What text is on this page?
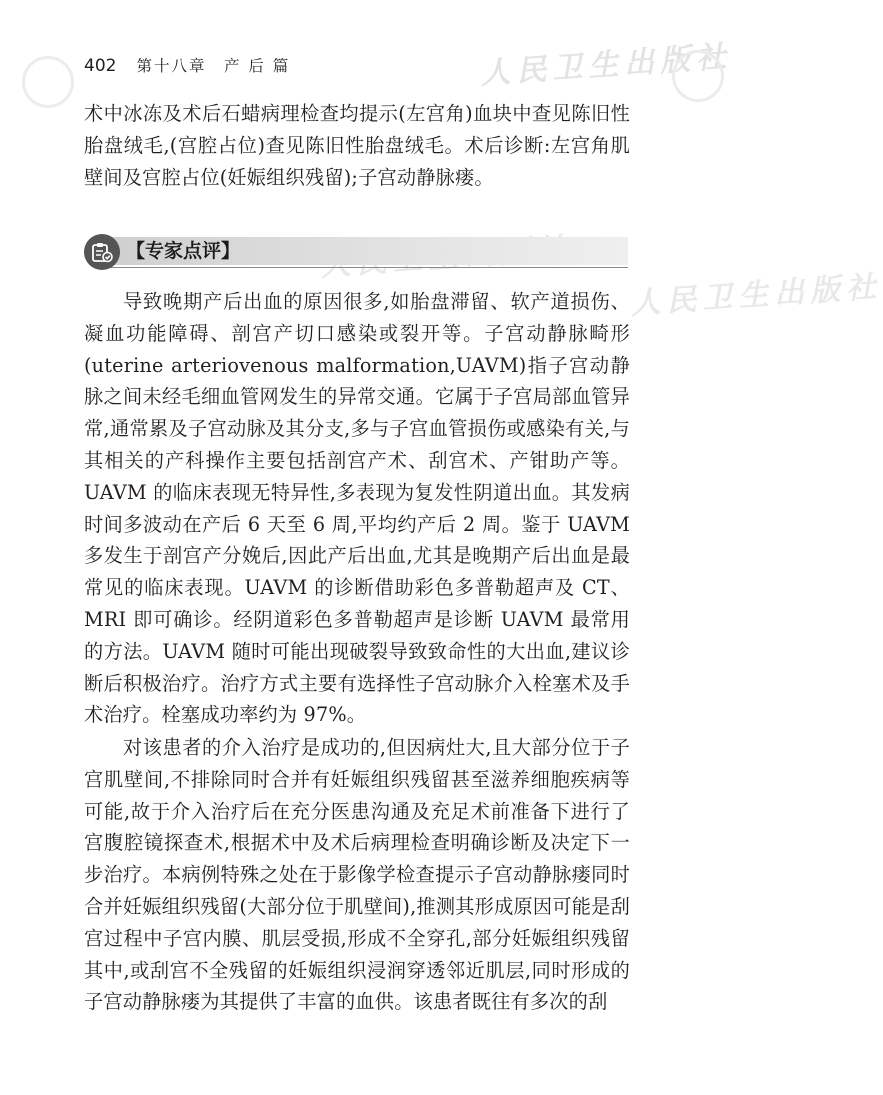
人民卫生出版社
人民卫生出版社
402 第十八章　产 后 篇

术中冰冻及术后石蜡病理检查均提示(左宫角)血块中查见陈旧性胎盘绒毛,(宫腔占位)查见陈旧性胎盘绒毛。术后诊断:左宫角肌壁间及宫腔占位(妊娠组织残留);子宫动静脉瘘。

【专家点评】

导致晚期产后出血的原因很多,如胎盘滞留、软产道损伤、凝血功能障碍、剖宫产切口感染或裂开等。子宫动静脉畸形(uterine arteriovenous malformation,UAVM)指子宫动静脉之间未经毛细血管网发生的异常交通。它属于子宫局部血管异常,通常累及子宫动脉及其分支,多与子宫血管损伤或感染有关,与其相关的产科操作主要包括剖宫产术、刮宫术、产钳助产等。UAVM 的临床表现无特异性,多表现为复发性阴道出血。其发病时间多波动在产后 6 天至 6 周,平均约产后 2 周。鉴于 UAVM 多发生于剖宫产分娩后,因此产后出血,尤其是晚期产后出血是最常见的临床表现。UAVM 的诊断借助彩色多普勒超声及 CT、MRI 即可确诊。经阴道彩色多普勒超声是诊断 UAVM 最常用的方法。UAVM 随时可能出现破裂导致致命性的大出血,建议诊断后积极治疗。治疗方式主要有选择性子宫动脉介入栓塞术及手术治疗。栓塞成功率约为 97%。

对该患者的介入治疗是成功的,但因病灶大,且大部分位于子宫肌壁间,不排除同时合并有妊娠组织残留甚至滋养细胞疾病等可能,故于介入治疗后在充分医患沟通及充足术前准备下进行了宫腹腔镜探查术,根据术中及术后病理检查明确诊断及决定下一步治疗。本病例特殊之处在于影像学检查提示子宫动静脉瘘同时合并妊娠组织残留(大部分位于肌壁间),推测其形成原因可能是刮宫过程中子宫内膜、肌层受损,形成不全穿孔,部分妊娠组织残留其中,或刮宫不全残留的妊娠组织浸润穿透邻近肌层,同时形成的子宫动静脉瘘为其提供了丰富的血供。该患者既往有多次的刮
